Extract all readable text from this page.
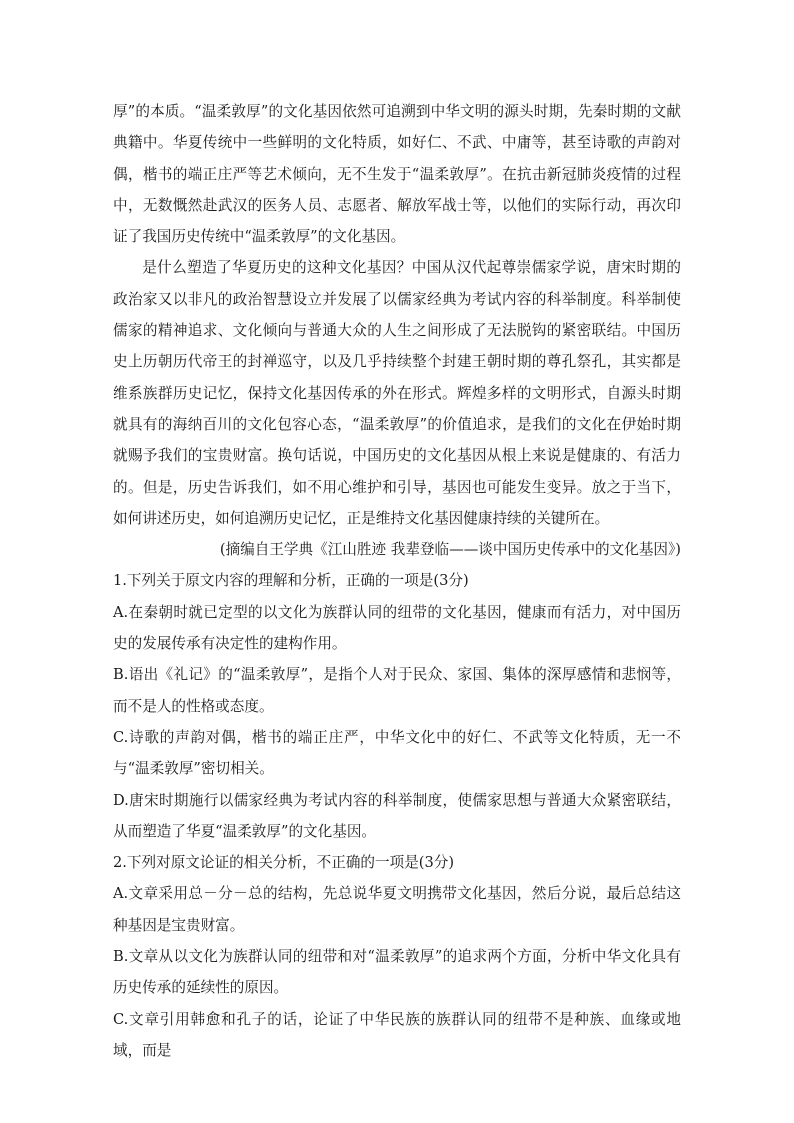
厚”的本质。“温柔敦厚”的文化基因依然可追溯到中华文明的源头时期，先秦时期的文献典籍中。华夏传统中一些鲜明的文化特质，如好仁、不武、中庸等，甚至诗歌的声韵对偶，楷书的端正庄严等艺术倾向，无不生发于“温柔敦厚”。在抗击新冠肺炎疫情的过程中，无数慨然赴武汉的医务人员、志愿者、解放军战士等，以他们的实际行动，再次印证了我国历史传统中“温柔敦厚”的文化基因。

是什么塑造了华夏历史的这种文化基因？中国从汉代起尊崇儒家学说，唐宋时期的政治家又以非凡的政治智慧设立并发展了以儒家经典为考试内容的科举制度。科举制使儒家的精神追求、文化倾向与普通大众的人生之间形成了无法脱钩的紧密联结。中国历史上历朝历代帝王的封禅巡守，以及几乎持续整个封建王朝时期的尊孔祭孔，其实都是维系族群历史记忆，保持文化基因传承的外在形式。辉煌多样的文明形式，自源头时期就具有的海纳百川的文化包容心态，“温柔敦厚”的价值追求，是我们的文化在伊始时期就赐予我们的宝贵财富。换句话说，中国历史的文化基因从根上来说是健康的、有活力的。但是，历史告诉我们，如不用心维护和引导，基因也可能发生变异。放之于当下，如何讲述历史，如何追溯历史记忆，正是维持文化基因健康持续的关键所在。

(摘编自王学典《江山胜迹 我辈登临——谈中国历史传承中的文化基因》)

1.下列关于原文内容的理解和分析，正确的一项是(3分)

A.在秦朝时就已定型的以文化为族群认同的纽带的文化基因，健康而有活力，对中国历史的发展传承有决定性的建构作用。

B.语出《礼记》的“温柔敦厚”，是指个人对于民众、家国、集体的深厚感情和悲悯等，而不是人的性格或态度。

C.诗歌的声韵对偶，楷书的端正庄严，中华文化中的好仁、不武等文化特质，无一不与“温柔敦厚”密切相关。

D.唐宋时期施行以儒家经典为考试内容的科举制度，使儒家思想与普通大众紧密联结，从而塑造了华夏“温柔敦厚”的文化基因。

2.下列对原文论证的相关分析，不正确的一项是(3分)

A.文章采用总－分－总的结构，先总说华夏文明携带文化基因，然后分说，最后总结这种基因是宝贵财富。

B.文章从以文化为族群认同的纽带和对“温柔敦厚”的追求两个方面，分析中华文化具有历史传承的延续性的原因。

C.文章引用韩愈和孔子的话，论证了中华民族的族群认同的纽带不是种族、血缘或地域，而是
